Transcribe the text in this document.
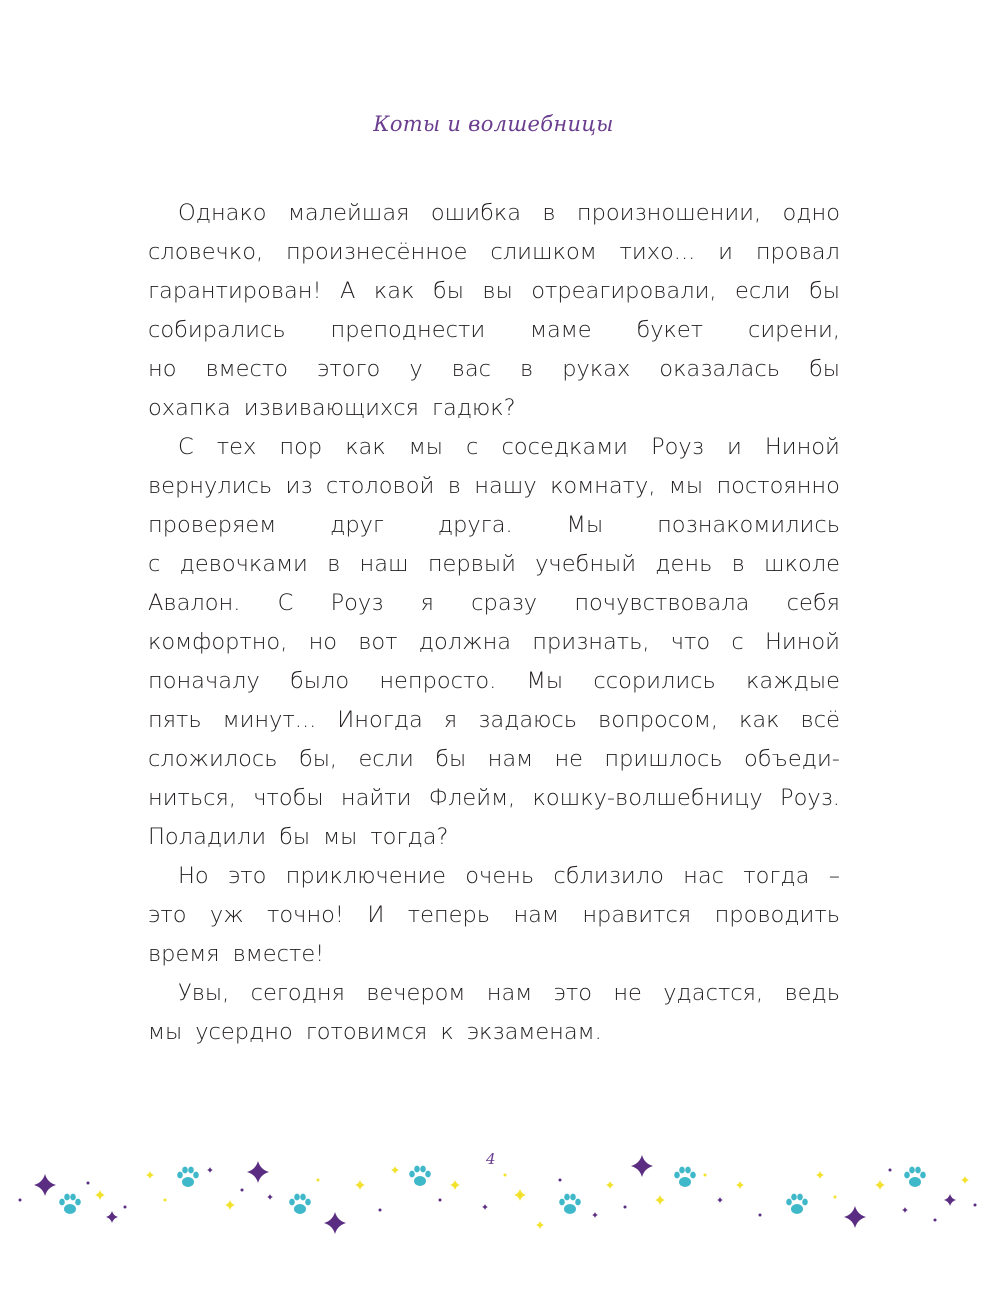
Коты и волшебницы
Однако малейшая ошибка в произношении, одно
словечко, произнесённое слишком тихо... и провал
гарантирован! А как бы вы отреагировали, если бы
собирались преподнести маме букет сирени,
но вместо этого у вас в руках оказалась бы
охапка извивающихся гадюк?
С тех пор как мы с соседками Роуз и Ниной
вернулись из столовой в нашу комнату, мы постоянно
проверяем друг друга. Мы познакомились
с девочками в наш первый учебный день в школе
Авалон. С Роуз я сразу почувствовала себя
комфортно, но вот должна признать, что с Ниной
поначалу было непросто. Мы ссорились каждые
пять минут... Иногда я задаюсь вопросом, как всё
сложилось бы, если бы нам не пришлось объеди-
ниться, чтобы найти Флейм, кошку-волшебницу Роуз.
Поладили бы мы тогда?
Но это приключение очень сблизило нас тогда –
это уж точно! И теперь нам нравится проводить
время вместе!
Увы, сегодня вечером нам это не удастся, ведь
мы усердно готовимся к экзаменам.
4
